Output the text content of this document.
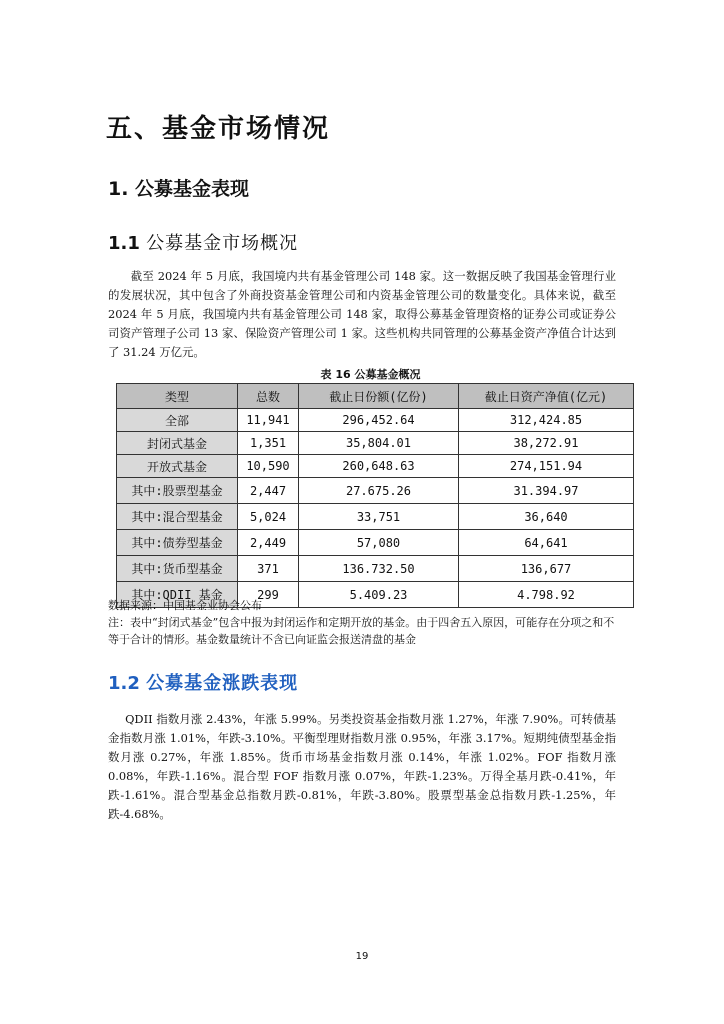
五、基金市场情况
1. 公募基金表现
1.1 公募基金市场概况
截至 2024 年 5 月底，我国境内共有基金管理公司 148 家。这一数据反映了我国基金管理行业的发展状况，其中包含了外商投资基金管理公司和内资基金管理公司的数量变化。具体来说，截至 2024 年 5 月底，我国境内共有基金管理公司 148 家，取得公募基金管理资格的证券公司或证券公司资产管理子公司 13 家、保险资产管理公司 1 家。这些机构共同管理的公募基金资产净值合计达到了 31.24 万亿元。
表 16 公募基金概况
类型	总数	截止日份额(亿份)	截止日资产净值(亿元)
全部	11,941	296,452.64	312,424.85
封闭式基金	1,351	35,804.01	38,272.91
开放式基金	10,590	260,648.63	274,151.94
其中:股票型基金	2,447	27.675.26	31.394.97
其中:混合型基金	5,024	33,751	36,640
其中:债券型基金	2,449	57,080	64,641
其中:货币型基金	371	136.732.50	136,677
其中:QDII 基金	299	5.409.23	4.798.92
数据来源：中国基金业协会公布
注：表中“封闭式基金”包含中报为封闭运作和定期开放的基金。由于四舍五入原因，可能存在分项之和不等于合计的情形。基金数量统计不含已向证监会报送清盘的基金
1.2 公募基金涨跌表现
QDII 指数月涨 2.43%，年涨 5.99%。另类投资基金指数月涨 1.27%，年涨 7.90%。可转债基金指数月涨 1.01%，年跌-3.10%。平衡型理财指数月涨 0.95%，年涨 3.17%。短期纯债型基金指数月涨 0.27%，年涨 1.85%。货币市场基金指数月涨 0.14%，年涨 1.02%。FOF 指数月涨 0.08%，年跌-1.16%。混合型 FOF 指数月涨 0.07%，年跌-1.23%。万得全基月跌-0.41%，年跌-1.61%。混合型基金总指数月跌-0.81%，年跌-3.80%。股票型基金总指数月跌-1.25%，年跌-4.68%。
19
